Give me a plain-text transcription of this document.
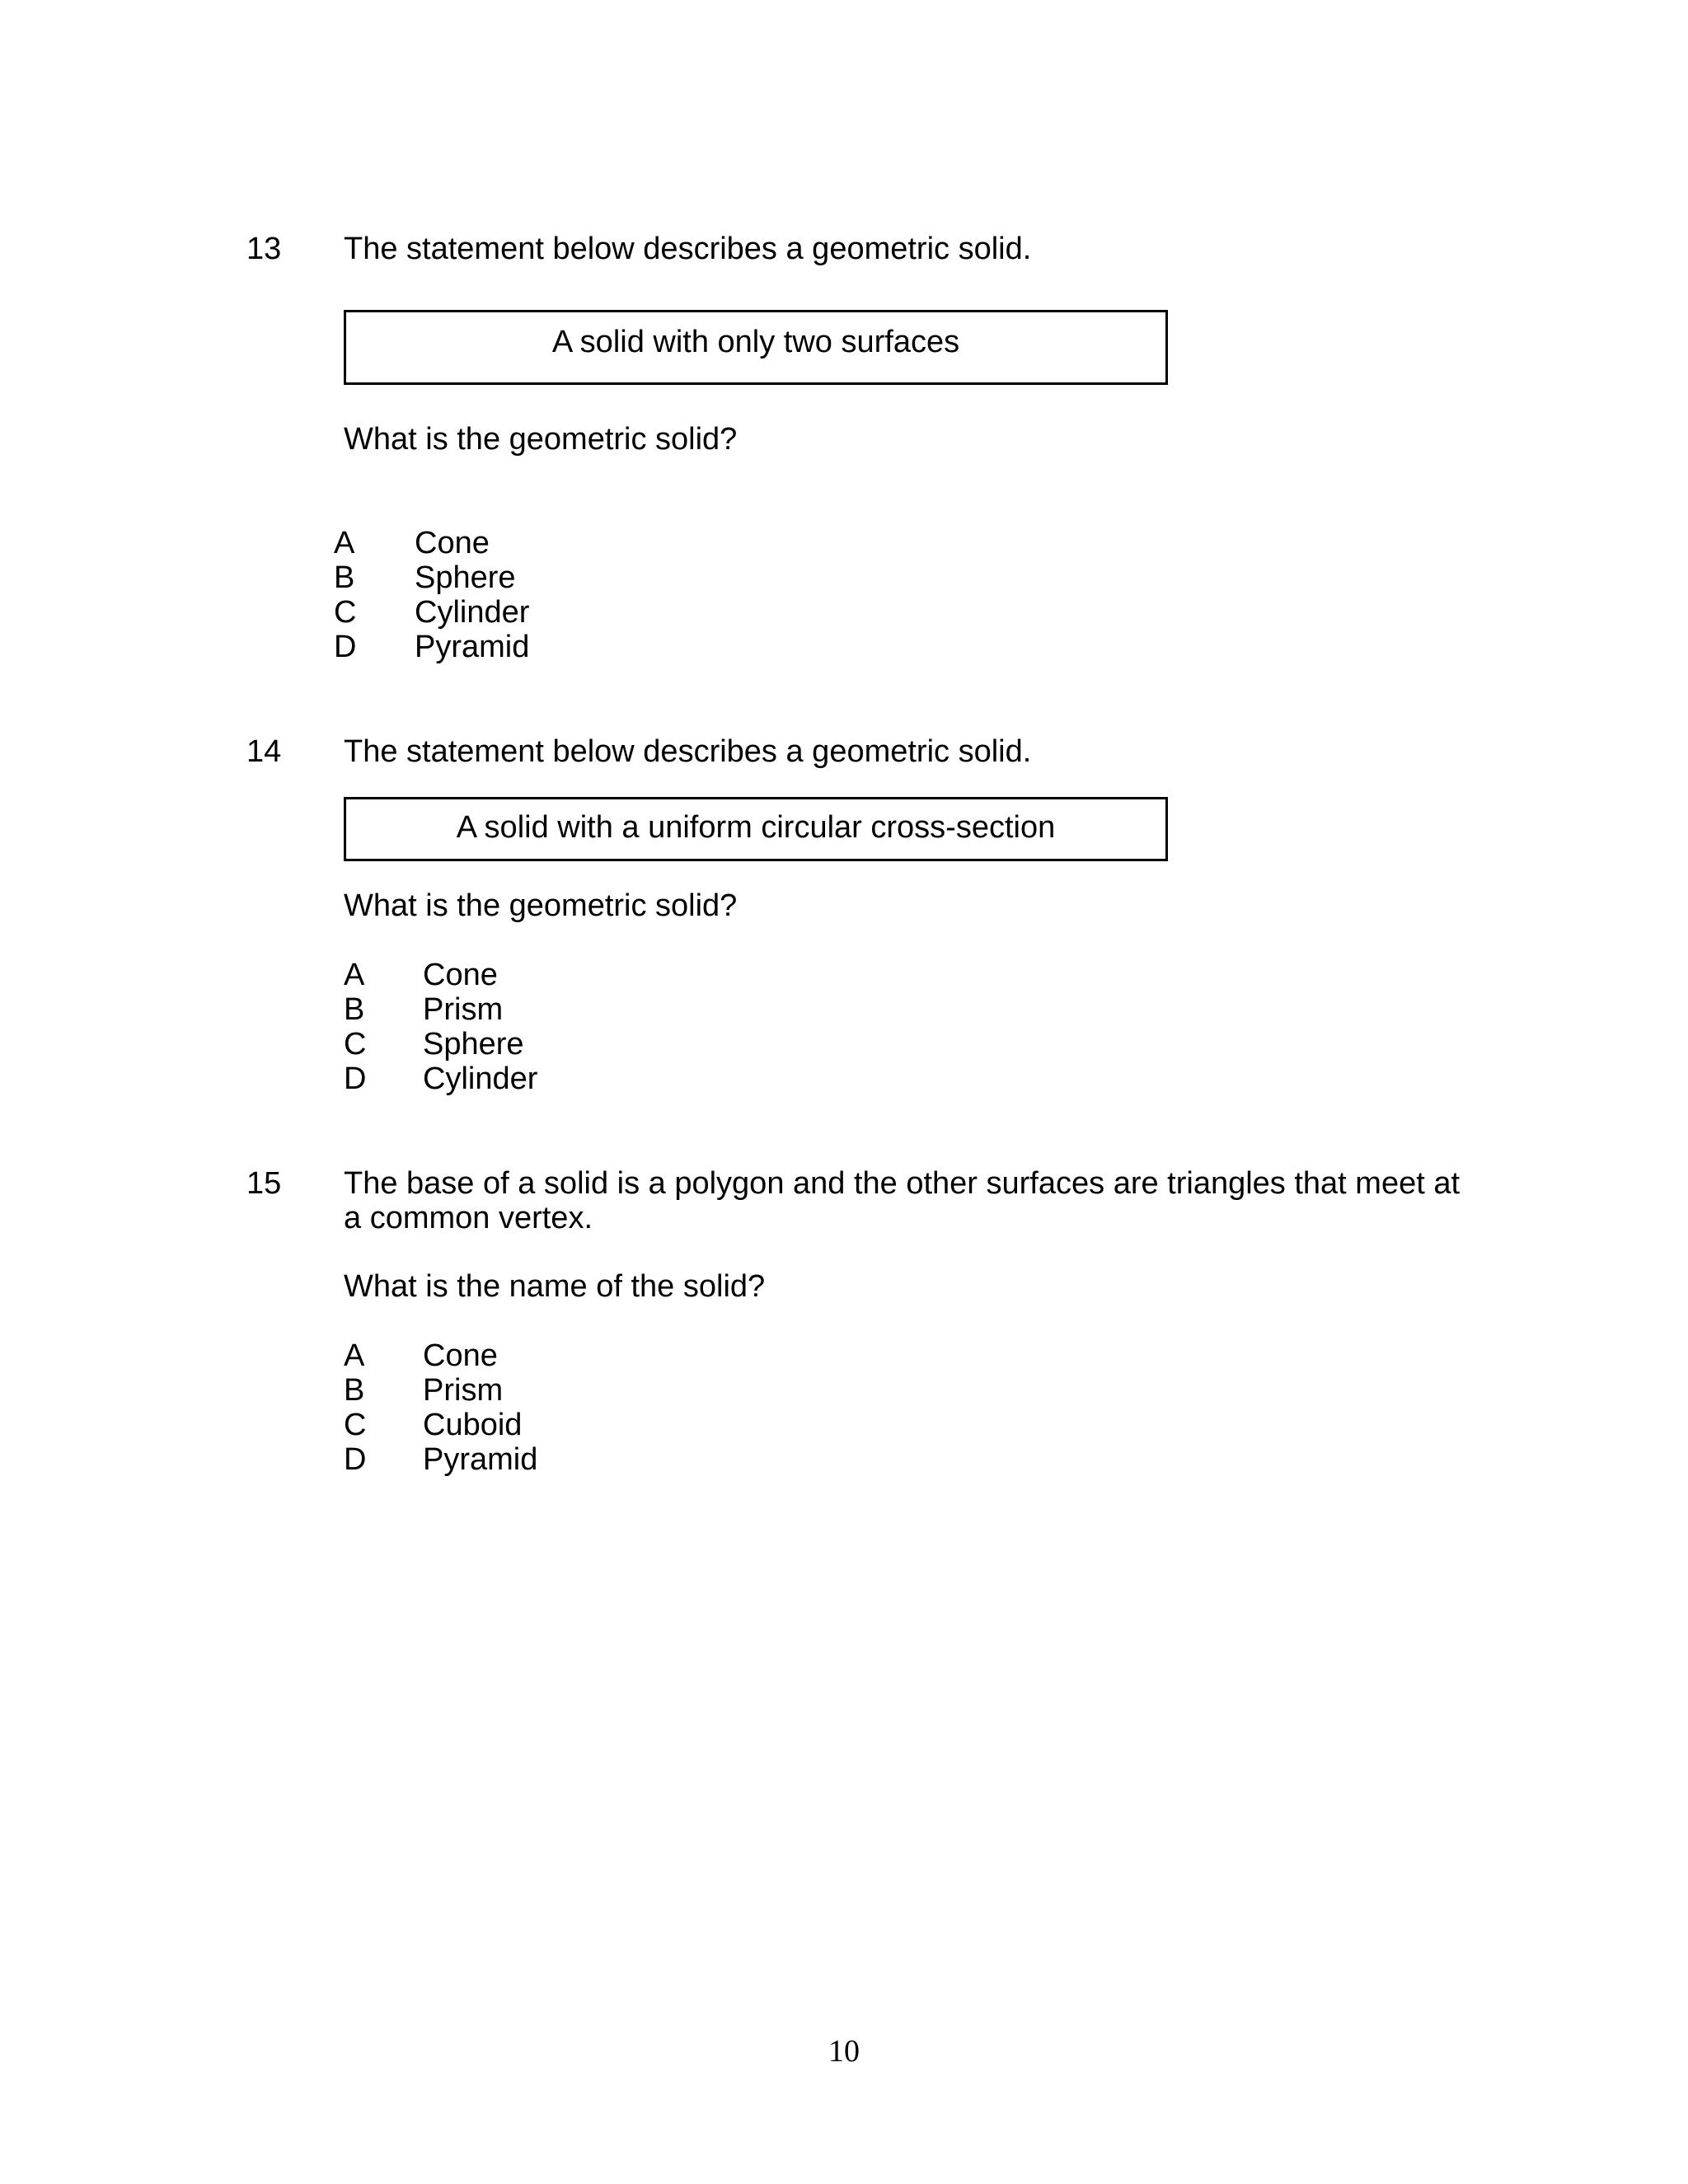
13 The statement below describes a geometric solid.
A solid with only two surfaces
What is the geometric solid?
A Cone
B Sphere
C Cylinder
D Pyramid
14 The statement below describes a geometric solid.
A solid with a uniform circular cross-section
What is the geometric solid?
A Cone
B Prism
C Sphere
D Cylinder
15 The base of a solid is a polygon and the other surfaces are triangles that meet at
a common vertex.
What is the name of the solid?
A Cone
B Prism
C Cuboid
D Pyramid
10
